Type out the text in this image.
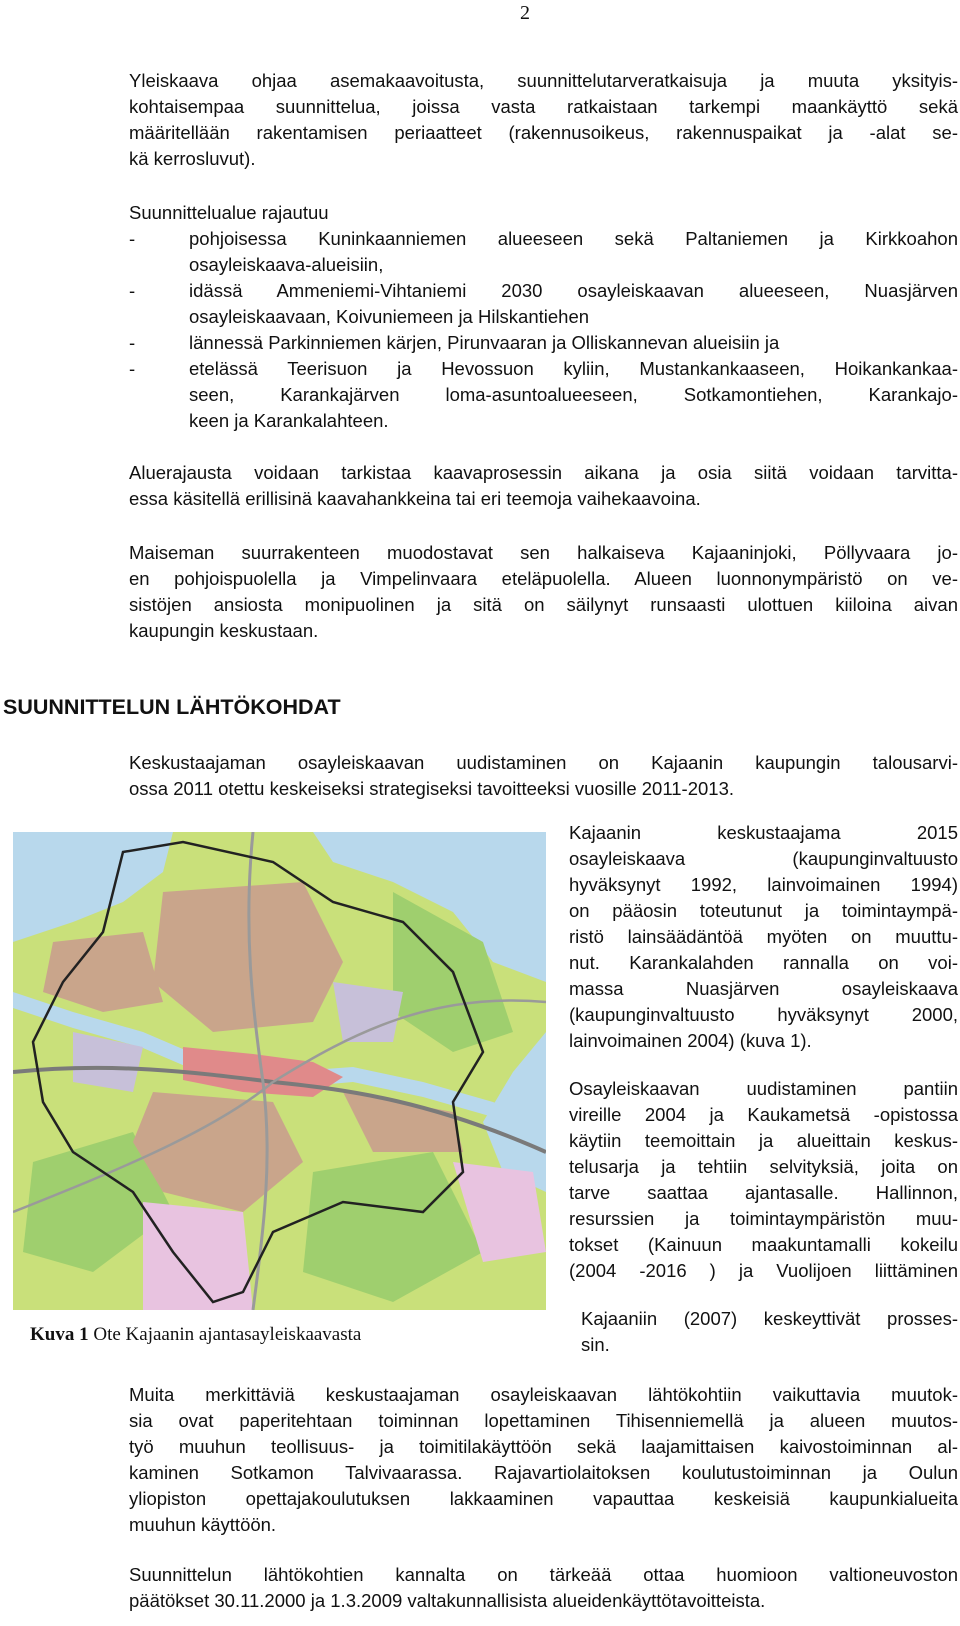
2

Yleiskaava ohjaa asemakaavoitusta, suunnittelutarveratkaisuja ja muuta yksityis-
kohtaisempaa suunnittelua, joissa vasta ratkaistaan tarkempi maankäyttö sekä
määritellään rakentamisen periaatteet (rakennusoikeus, rakennuspaikat ja -alat se-
kä kerrosluvut).

Suunnittelualue rajautuu
-	pohjoisessa Kuninkaanniemen alueeseen sekä Paltaniemen ja Kirkkoahon
osayleiskaava-alueisiin,
-	idässä Ammeniemi-Vihtaniemi 2030 osayleiskaavan alueeseen, Nuasjärven
osayleiskaavaan, Koivuniemeen ja Hilskantiehen
-	lännessä Parkinniemen kärjen, Pirunvaaran ja Olliskannevan alueisiin ja
-	etelässä Teerisuon ja Hevossuon kyliin, Mustankankaaseen, Hoikankankaa-
seen, Karankajärven loma-asuntoalueeseen, Sotkamontiehen, Karankajo-
keen ja Karankalahteen.

Aluerajausta voidaan tarkistaa kaavaprosessin aikana ja osia siitä voidaan tarvitta-
essa käsitellä erillisinä kaavahankkeina tai eri teemoja vaihekaavoina.

Maiseman suurrakenteen muodostavat sen halkaiseva Kajaaninjoki, Pöllyvaara jo-
en pohjoispuolella ja Vimpelinvaara eteläpuolella. Alueen luonnonympäristö on ve-
sistöjen ansiosta monipuolinen ja sitä on säilynyt runsaasti ulottuen kiiloina aivan
kaupungin keskustaan.

SUUNNITTELUN LÄHTÖKOHDAT

Keskustaajaman osayleiskaavan uudistaminen on Kajaanin kaupungin talousarvi-
ossa 2011 otettu keskeiseksi strategiseksi tavoitteeksi vuosille 2011-2013.

Kuva 1 Ote Kajaanin ajantasayleiskaavasta

Kajaanin keskustaajama 2015
osayleiskaava (kaupunginvaltuusto
hyväksynyt 1992, lainvoimainen 1994)
on pääosin toteutunut ja toimintaympä-
ristö lainsäädäntöä myöten on muuttu-
nut. Karankalahden rannalla on voi-
massa Nuasjärven osayleiskaava
(kaupunginvaltuusto hyväksynyt 2000,
lainvoimainen 2004) (kuva 1).

Osayleiskaavan uudistaminen pantiin
vireille 2004 ja Kaukametsä -opistossa
käytiin teemoittain ja alueittain keskus-
telusarja ja tehtiin selvityksiä, joita on
tarve saattaa ajantasalle. Hallinnon,
resurssien ja toimintaympäristön muu-
tokset (Kainuun maakuntamalli kokeilu
(2004 -2016 ) ja Vuolijoen liittäminen

Kajaaniin (2007) keskeyttivät prosses-
sin.

Muita merkittäviä keskustaajaman osayleiskaavan lähtökohtiin vaikuttavia muutok-
sia ovat paperitehtaan toiminnan lopettaminen Tihisenniemellä ja alueen muutos-
työ muuhun teollisuus- ja toimitilakäyttöön sekä laajamittaisen kaivostoiminnan al-
kaminen Sotkamon Talvivaarassa. Rajavartiolaitoksen koulutustoiminnan ja Oulun
yliopiston opettajakoulutuksen lakkaaminen vapauttaa keskeisiä kaupunkialueita
muuhun käyttöön.

Suunnittelun lähtökohtien kannalta on tärkeää ottaa huomioon valtioneuvoston
päätökset 30.11.2000 ja 1.3.2009 valtakunnallisista alueidenkäyttötavoitteista.
